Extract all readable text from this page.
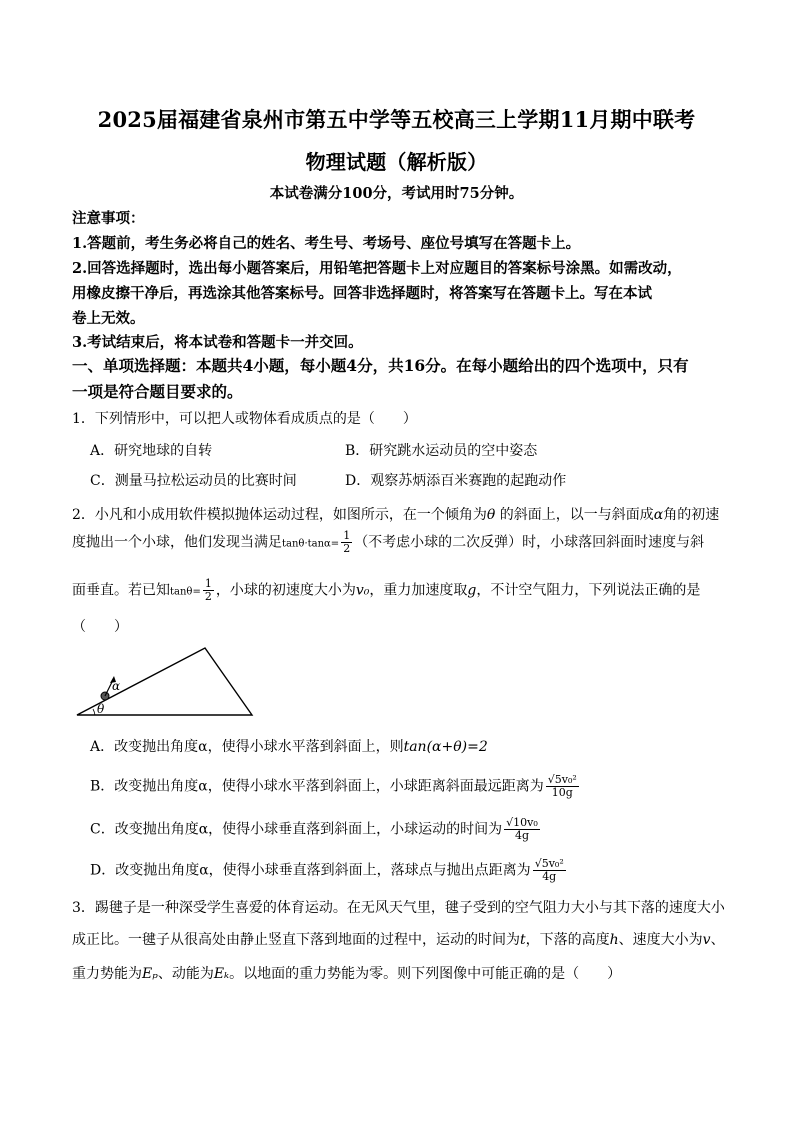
2025届福建省泉州市第五中学等五校高三上学期11月期中联考
物理试题（解析版）
本试卷满分100分，考试用时75分钟。
注意事项：
1.答题前，考生务必将自己的姓名、考生号、考场号、座位号填写在答题卡上。
2.回答选择题时，选出每小题答案后，用铅笔把答题卡上对应题目的答案标号涂黑。如需改动，
用橡皮擦干净后，再选涂其他答案标号。回答非选择题时，将答案写在答题卡上。写在本试
卷上无效。
3.考试结束后，将本试卷和答题卡一并交回。
一、单项选择题：本题共4小题，每小题4分，共16分。在每小题给出的四个选项中，只有
一项是符合题目要求的。
1．下列情形中，可以把人或物体看成质点的是（　　）
A．研究地球的自转	B．研究跳水运动员的空中姿态
C．测量马拉松运动员的比赛时间	D．观察苏炳添百米赛跑的起跑动作
2．小凡和小成用软件模拟抛体运动过程，如图所示，在一个倾角为θ 的斜面上，以一与斜面成α角的初速
度抛出一个小球，他们发现当满足$\tan\theta\cdot\tan\alpha= \frac{1}{2}$ （不考虑小球的二次反弹）时，小球落回斜面时速度与斜
面垂直。若已知$\tan\theta= \frac{1}{2}$ ，小球的初速度大小为v₀，重力加速度取g，不计空气阻力，下列说法正确的是
（　　）
α
θ
A．改变抛出角度α，使得小球水平落到斜面上，则tan(α+θ)=2
B．改变抛出角度α，使得小球水平落到斜面上，小球距离斜面最远距离为 $\frac{\text{√5v₀²}}{10g}$
C．改变抛出角度α，使得小球垂直落到斜面上，小球运动的时间为 $\frac{\text{√10v₀}}{4g}$
D．改变抛出角度α，使得小球垂直落到斜面上，落球点与抛出点距离为 $\frac{\text{√5v₀²}}{4g}$
3．踢毽子是一种深受学生喜爱的体育运动。在无风天气里，毽子受到的空气阻力大小与其下落的速度大小
成正比。一毽子从很高处由静止竖直下落到地面的过程中，运动的时间为t，下落的高度h、速度大小为v、
重力势能为Eₚ、动能为Eₖ。以地面的重力势能为零。则下列图像中可能正确的是（　　）
